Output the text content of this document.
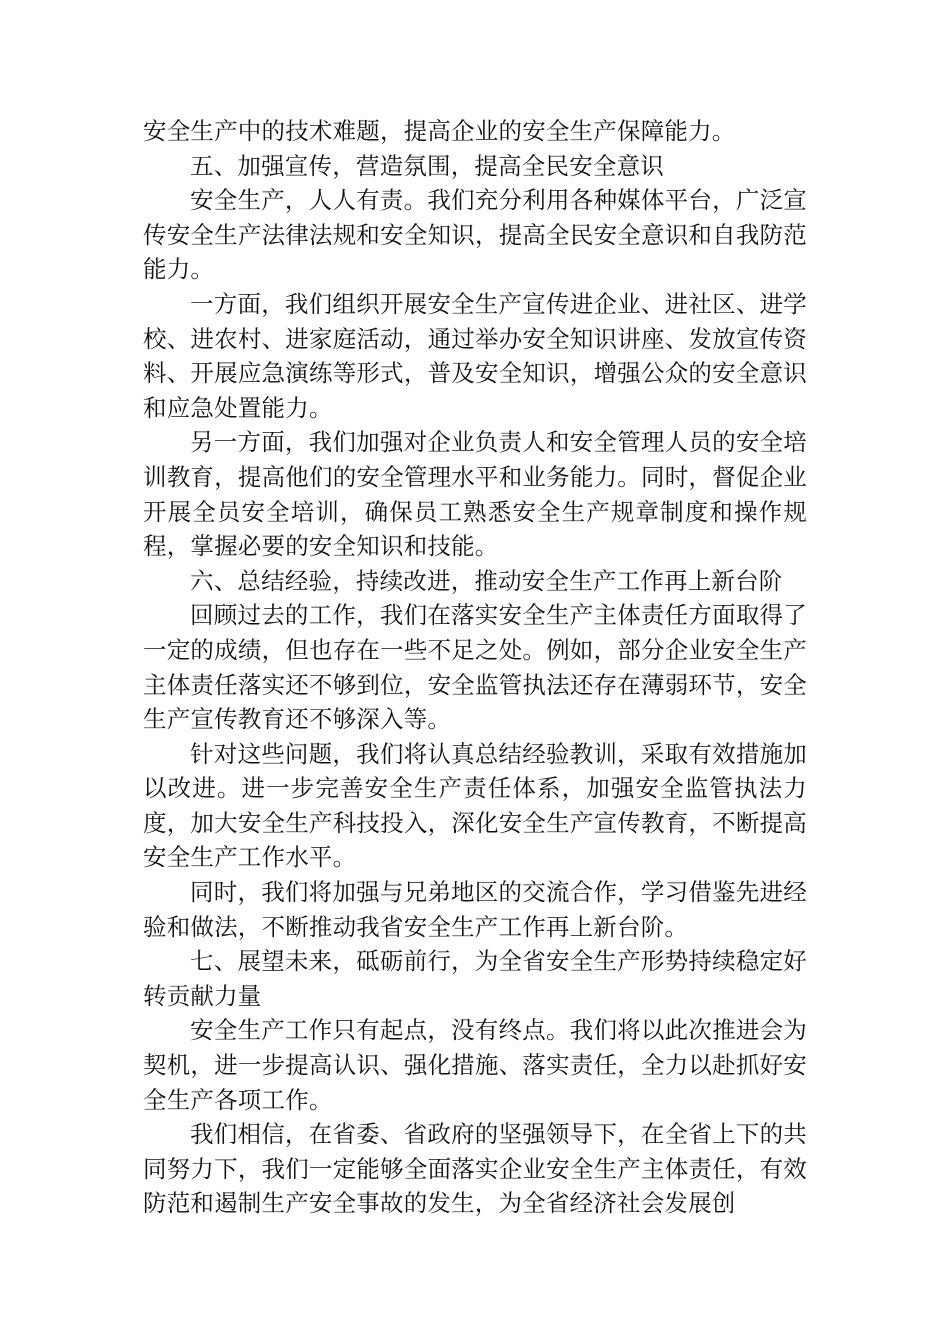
安全生产中的技术难题，提高企业的安全生产保障能力。

五、加强宣传，营造氛围，提高全民安全意识

安全生产，人人有责。我们充分利用各种媒体平台，广泛宣传安全生产法律法规和安全知识，提高全民安全意识和自我防范能力。

一方面，我们组织开展安全生产宣传进企业、进社区、进学校、进农村、进家庭活动，通过举办安全知识讲座、发放宣传资料、开展应急演练等形式，普及安全知识，增强公众的安全意识和应急处置能力。

另一方面，我们加强对企业负责人和安全管理人员的安全培训教育，提高他们的安全管理水平和业务能力。同时，督促企业开展全员安全培训，确保员工熟悉安全生产规章制度和操作规程，掌握必要的安全知识和技能。

六、总结经验，持续改进，推动安全生产工作再上新台阶

回顾过去的工作，我们在落实安全生产主体责任方面取得了一定的成绩，但也存在一些不足之处。例如，部分企业安全生产主体责任落实还不够到位，安全监管执法还存在薄弱环节，安全生产宣传教育还不够深入等。

针对这些问题，我们将认真总结经验教训，采取有效措施加以改进。进一步完善安全生产责任体系，加强安全监管执法力度，加大安全生产科技投入，深化安全生产宣传教育，不断提高安全生产工作水平。

同时，我们将加强与兄弟地区的交流合作，学习借鉴先进经验和做法，不断推动我省安全生产工作再上新台阶。

七、展望未来，砥砺前行，为全省安全生产形势持续稳定好转贡献力量

安全生产工作只有起点，没有终点。我们将以此次推进会为契机，进一步提高认识、强化措施、落实责任，全力以赴抓好安全生产各项工作。

我们相信，在省委、省政府的坚强领导下，在全省上下的共同努力下，我们一定能够全面落实企业安全生产主体责任，有效防范和遏制生产安全事故的发生，为全省经济社会发展创
